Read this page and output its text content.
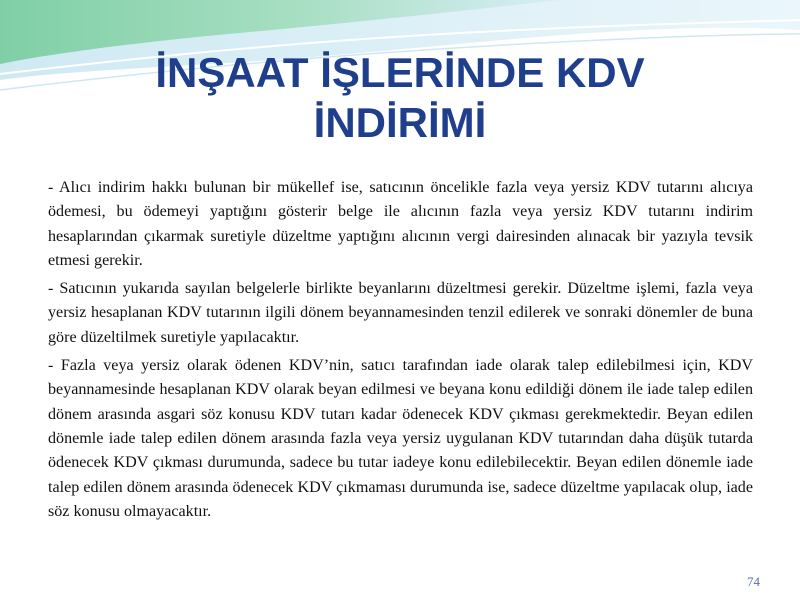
İNŞAAT İŞLERİNDE KDV
İNDİRİMİ

- Alıcı indirim hakkı bulunan bir mükellef ise, satıcının öncelikle fazla veya yersiz KDV tutarını alıcıya ödemesi, bu ödemeyi yaptığını gösterir belge ile alıcının fazla veya yersiz KDV tutarını indirim hesaplarından çıkarmak suretiyle düzeltme yaptığını alıcının vergi dairesinden alınacak bir yazıyla tevsik etmesi gerekir.

- Satıcının yukarıda sayılan belgelerle birlikte beyanlarını düzeltmesi gerekir. Düzeltme işlemi, fazla veya yersiz hesaplanan KDV tutarının ilgili dönem beyannamesinden tenzil edilerek ve sonraki dönemler de buna göre düzeltilmek suretiyle yapılacaktır.

- Fazla veya yersiz olarak ödenen KDV’nin, satıcı tarafından iade olarak talep edilebilmesi için, KDV beyannamesinde hesaplanan KDV olarak beyan edilmesi ve beyana konu edildiği dönem ile iade talep edilen dönem arasında asgari söz konusu KDV tutarı kadar ödenecek KDV çıkması gerekmektedir. Beyan edilen dönemle iade talep edilen dönem arasında fazla veya yersiz uygulanan KDV tutarından daha düşük tutarda ödenecek KDV çıkması durumunda, sadece bu tutar iadeye konu edilebilecektir. Beyan edilen dönemle iade talep edilen dönem arasında ödenecek KDV çıkmaması durumunda ise, sadece düzeltme yapılacak olup, iade söz konusu olmayacaktır.

74
